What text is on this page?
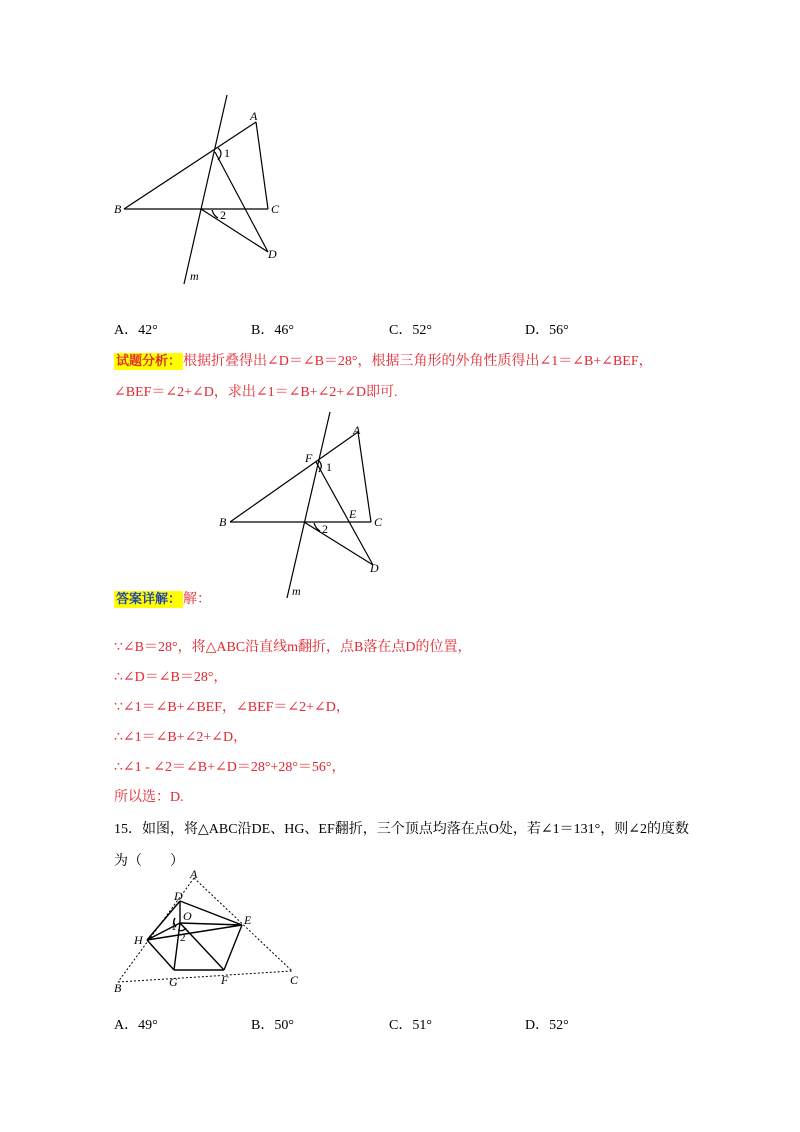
A
B	C
D
m
1
2
A．42°	B．46°	C．52°	D．56°
试题分析： 根据折叠得出∠D＝∠B＝28°，根据三角形的外角性质得出∠1＝∠B+∠BEF，
∠BEF＝∠2+∠D，求出∠1＝∠B+∠2+∠D即可.
A
B	C
D
E
F
m
1
2
答案详解： 解：
∵∠B＝28°，将△ABC沿直线m翻折，点B落在点D的位置，
∴∠D＝∠B＝28°，
∵∠1＝∠B+∠BEF，∠BEF＝∠2+∠D，
∴∠1＝∠B+∠2+∠D，
∴∠1 - ∠2＝∠B+∠D＝28°+28°＝56°，
所以选：D.
15．如图，将△ABC沿DE、HG、EF翻折，三个顶点均落在点O处，若∠1＝131°，则∠2的度数
为（　　）
A
B
C
D
E
F
G
H
O
1
2
A．49°	B．50°	C．51°	D．52°
